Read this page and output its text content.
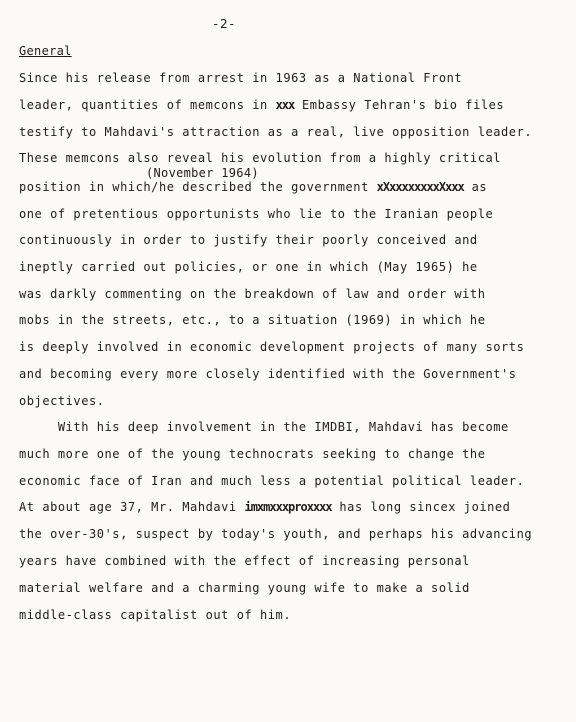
-2-
General
(November 1964)
Since his release from arrest in 1963 as a National Front
leader, quantities of memcons in xxx Embassy Tehran's bio files
testify to Mahdavi's attraction as a real, live opposition leader.
These memcons also reveal his evolution from a highly critical
position in which/he described the government xXxxxxxxxxXxxx as
one of pretentious opportunists who lie to the Iranian people
continuously in order to justify their poorly conceived and
ineptly carried out policies, or one in which (May 1965) he
was darkly commenting on the breakdown of law and order with
mobs in the streets, etc., to a situation (1969) in which he
is deeply involved in economic development projects of many sorts
and becoming every more closely identified with the Government's
objectives.
With his deep involvement in the IMDBI, Mahdavi has become
much more one of the young technocrats seeking to change the
economic face of Iran and much less a potential political leader.
At about age 37, Mr. Mahdavi imxmxxxproxxxx has long sincex joined
the over-30's, suspect by today's youth, and perhaps his advancing
years have combined with the effect of increasing personal
material welfare and a charming young wife to make a solid
middle-class capitalist out of him.
